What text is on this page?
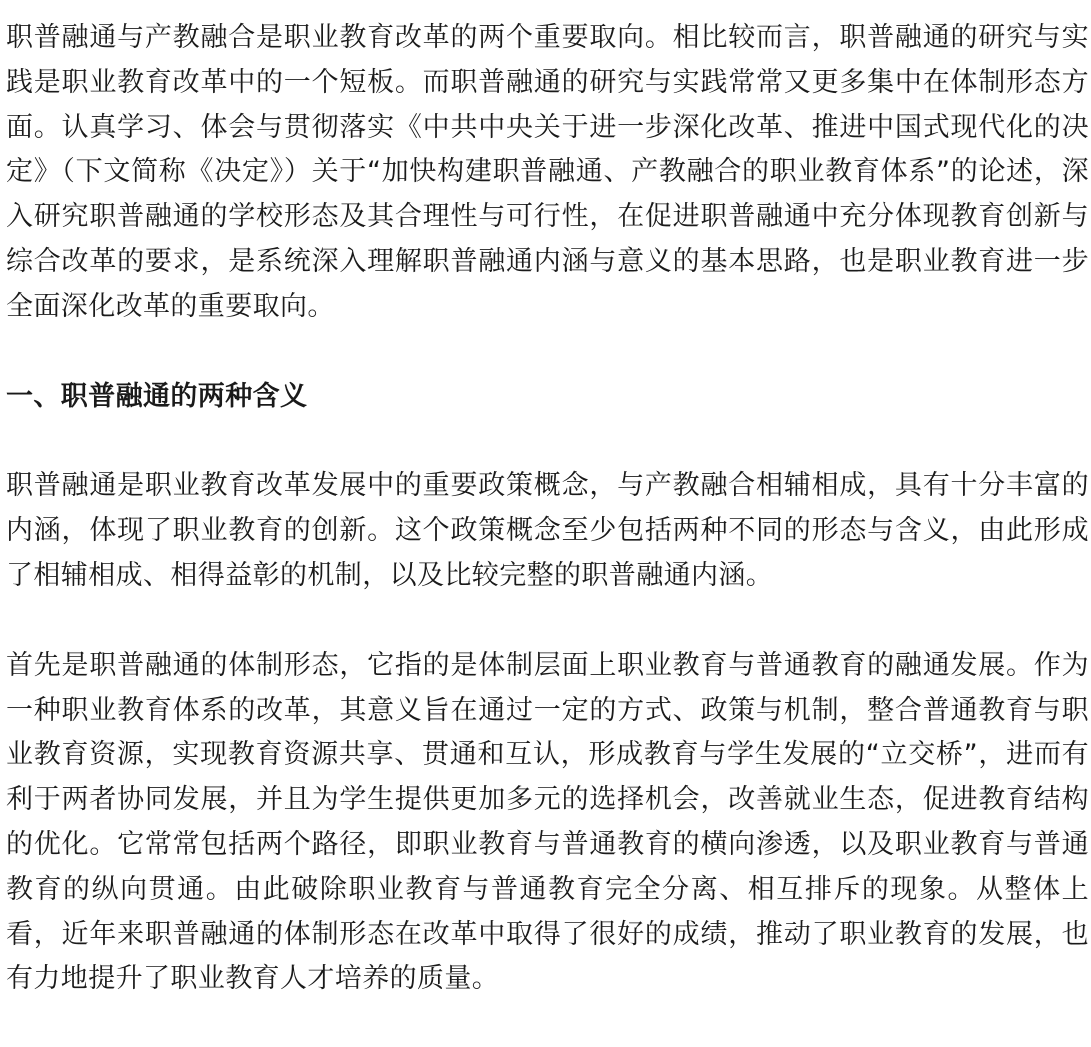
职普融通与产教融合是职业教育改革的两个重要取向。相比较而言，职普融通的研究与实践是职业教育改革中的一个短板。而职普融通的研究与实践常常又更多集中在体制形态方面。认真学习、体会与贯彻落实《中共中央关于进一步深化改革、推进中国式现代化的决定》（下文简称《决定》）关于“加快构建职普融通、产教融合的职业教育体系”的论述，深入研究职普融通的学校形态及其合理性与可行性，在促进职普融通中充分体现教育创新与综合改革的要求，是系统深入理解职普融通内涵与意义的基本思路，也是职业教育进一步全面深化改革的重要取向。

一、职普融通的两种含义

职普融通是职业教育改革发展中的重要政策概念，与产教融合相辅相成，具有十分丰富的内涵，体现了职业教育的创新。这个政策概念至少包括两种不同的形态与含义，由此形成了相辅相成、相得益彰的机制，以及比较完整的职普融通内涵。

首先是职普融通的体制形态，它指的是体制层面上职业教育与普通教育的融通发展。作为一种职业教育体系的改革，其意义旨在通过一定的方式、政策与机制，整合普通教育与职业教育资源，实现教育资源共享、贯通和互认，形成教育与学生发展的“立交桥”，进而有利于两者协同发展，并且为学生提供更加多元的选择机会，改善就业生态，促进教育结构的优化。它常常包括两个路径，即职业教育与普通教育的横向渗透，以及职业教育与普通教育的纵向贯通。由此破除职业教育与普通教育完全分离、相互排斥的现象。从整体上看，近年来职普融通的体制形态在改革中取得了很好的成绩，推动了职业教育的发展，也有力地提升了职业教育人才培养的质量。
